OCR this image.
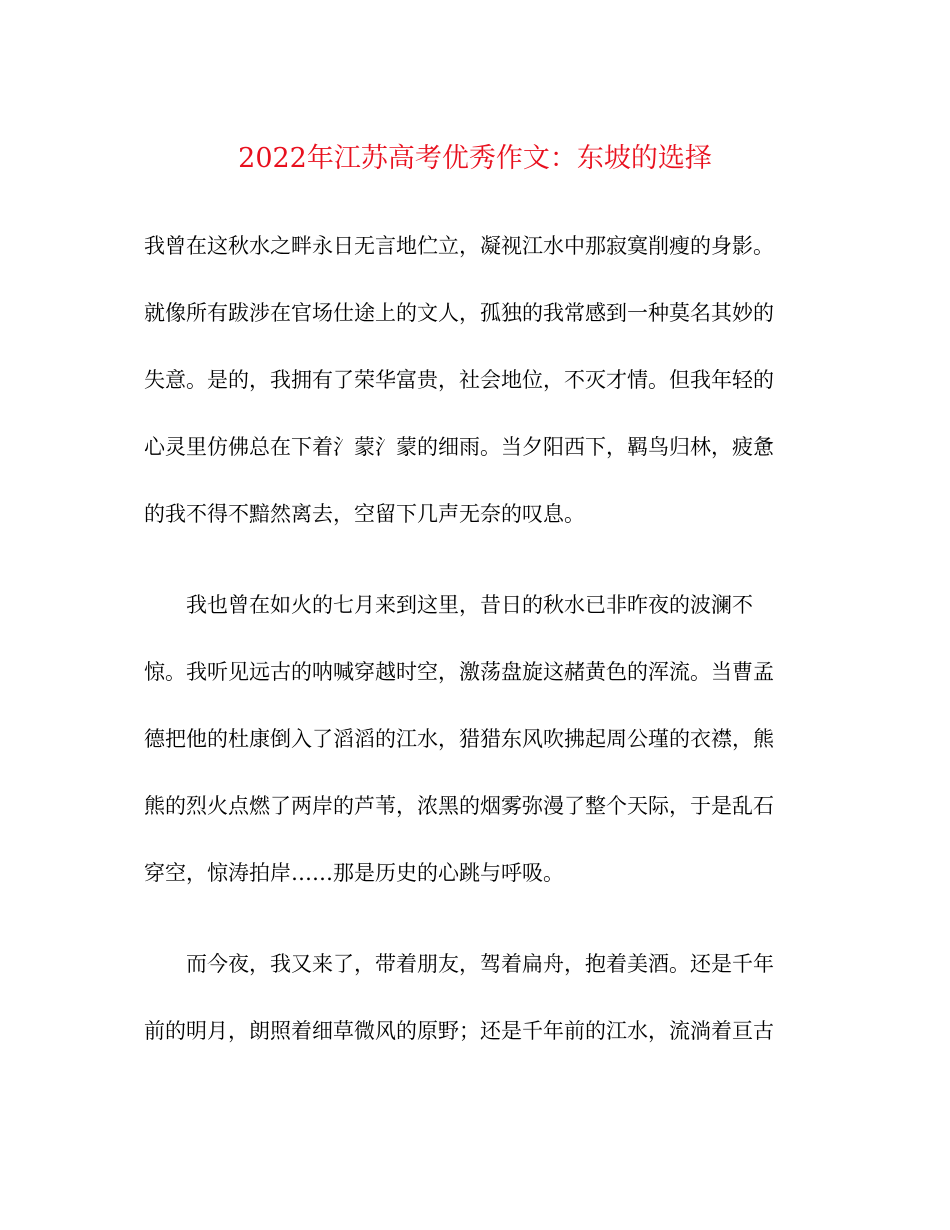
2022年江苏高考优秀作文：东坡的选择
我曾在这秋水之畔永日无言地伫立，凝视江水中那寂寞削瘦的身影。
就像所有跋涉在官场仕途上的文人，孤独的我常感到一种莫名其妙的
失意。是的，我拥有了荣华富贵，社会地位，不灭才情。但我年轻的
心灵里仿佛总在下着氵蒙氵蒙的细雨。当夕阳西下，羁鸟归林，疲惫
的我不得不黯然离去，空留下几声无奈的叹息。
我也曾在如火的七月来到这里，昔日的秋水已非昨夜的波澜不
惊。我听见远古的呐喊穿越时空，激荡盘旋这赭黄色的浑流。当曹孟
德把他的杜康倒入了滔滔的江水，猎猎东风吹拂起周公瑾的衣襟，熊
熊的烈火点燃了两岸的芦苇，浓黑的烟雾弥漫了整个天际，于是乱石
穿空，惊涛拍岸……那是历史的心跳与呼吸。
而今夜，我又来了，带着朋友，驾着扁舟，抱着美酒。还是千年
前的明月，朗照着细草微风的原野；还是千年前的江水，流淌着亘古
